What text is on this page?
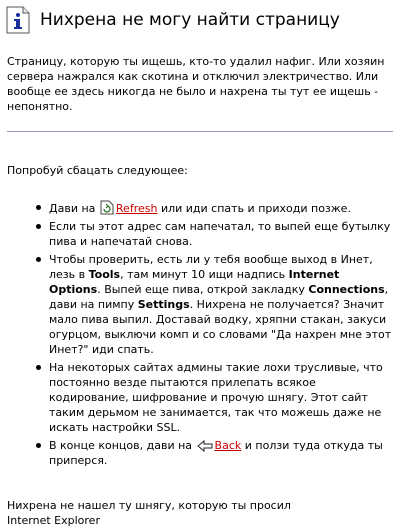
Нихрена не могу найти страницу

Страницу, которую ты ищешь, кто-то удалил нафиг. Или хозяин сервера нажрался как скотина и отключил электричество. Или вообще ее здесь никогда не было и нахрена ты тут ее ищешь - непонятно.

Попробуй сбацать следующее:

Дави на Refresh или иди спать и приходи позже.
Если ты этот адрес сам напечатал, то выпей еще бутылку пива и напечатай снова.
Чтобы проверить, есть ли у тебя вообще выход в Инет, лезь в Tools, там минут 10 ищи надпись Internet Options. Выпей еще пива, открой закладку Connections, дави на пимпу Settings. Нихрена не получается? Значит мало пива выпил. Доставай водку, хряпни стакан, закуси огурцом, выключи комп и со словами "Да нахрен мне этот Инет?" иди спать.
На некоторых сайтах админы такие лохи трусливые, что постоянно везде пытаются прилепать всякое кодирование, шифрование и прочую шнягу. Этот сайт таким дерьмом не занимается, так что можешь даже не искать настройки SSL.
В конце концов, дави на Back и ползи туда откуда ты приперся.
Нихрена не нашел ту шнягу, которую ты просил
Internet Explorer
